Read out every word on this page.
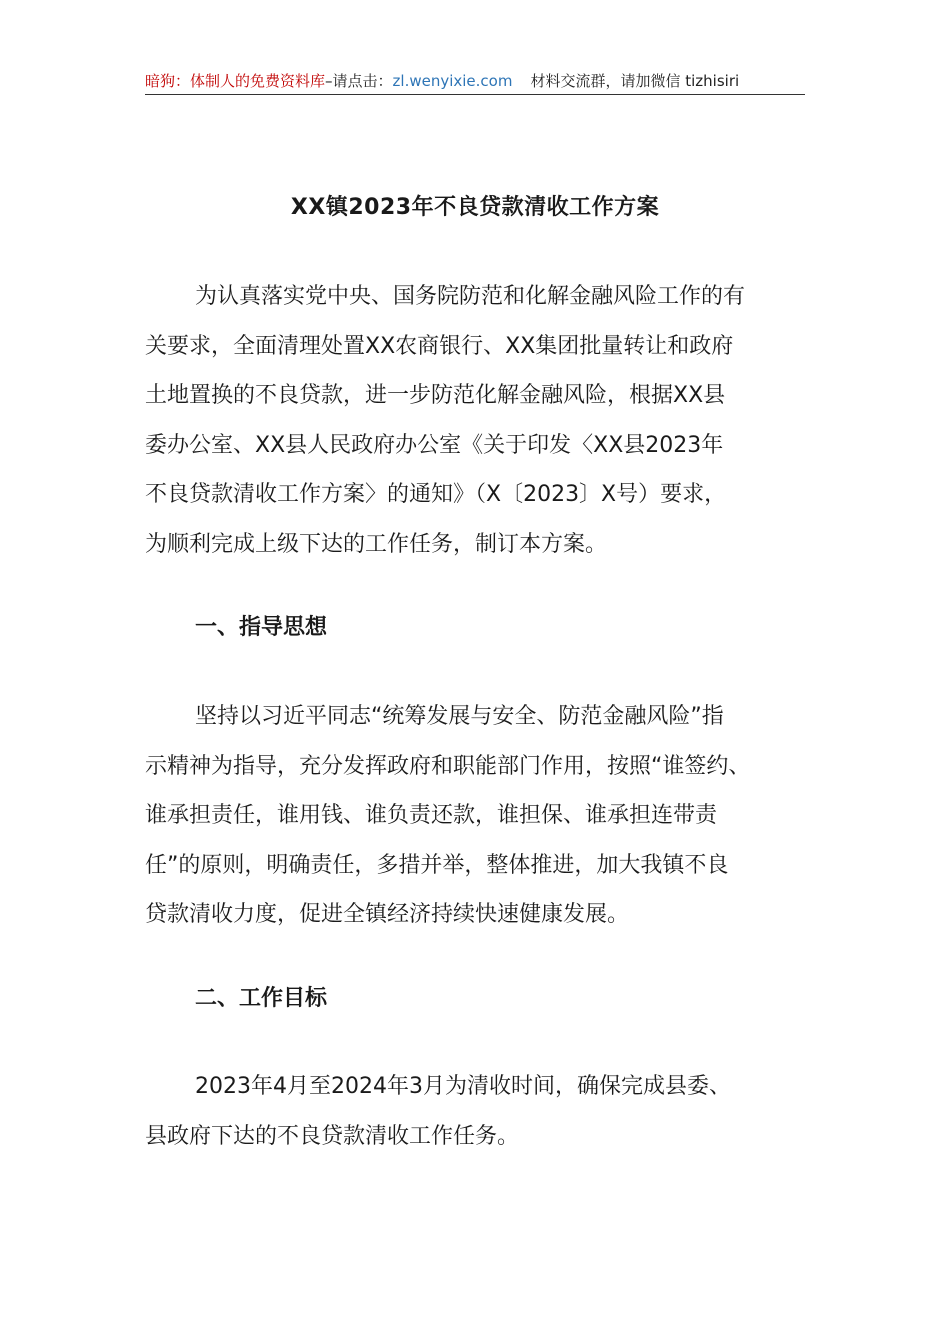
暗狗：体制人的免费资料库–请点击：zl.wenyixie.com 材料交流群，请加微信 tizhisiri
XX镇2023年不良贷款清收工作方案
为认真落实党中央、国务院防范和化解金融风险工作的有
关要求，全面清理处置XX农商银行、XX集团批量转让和政府
土地置换的不良贷款，进一步防范化解金融风险，根据XX县
委办公室、XX县人民政府办公室《关于印发〈XX县2023年
不良贷款清收工作方案〉的通知》（X〔2023〕X号）要求，
为顺利完成上级下达的工作任务，制订本方案。
一、指导思想
坚持以习近平同志“统筹发展与安全、防范金融风险”指
示精神为指导，充分发挥政府和职能部门作用，按照“谁签约、
谁承担责任，谁用钱、谁负责还款，谁担保、谁承担连带责
任”的原则，明确责任，多措并举，整体推进，加大我镇不良
贷款清收力度，促进全镇经济持续快速健康发展。
二、工作目标
2023年4月至2024年3月为清收时间，确保完成县委、
县政府下达的不良贷款清收工作任务。
